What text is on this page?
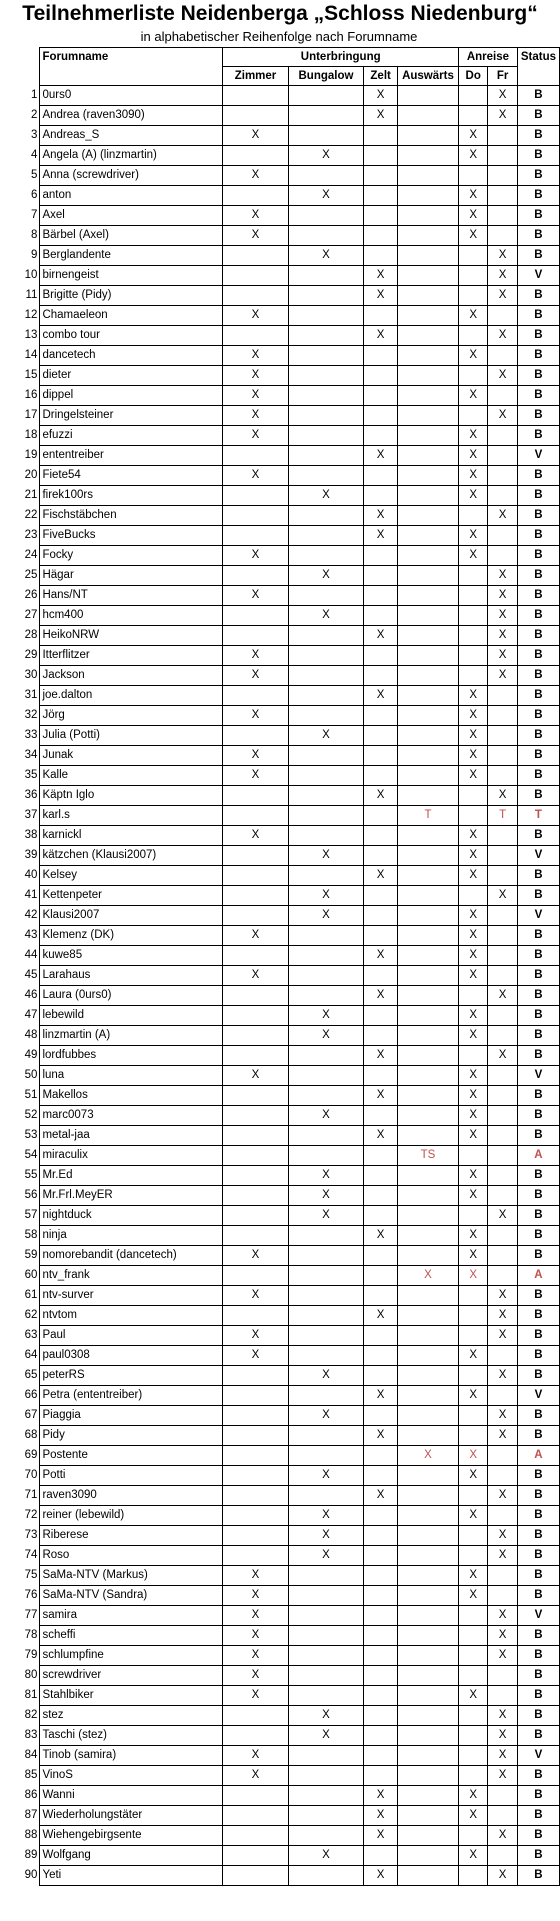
Teilnehmerliste Neidenberga „Schloss Niedenburg“
in alphabetischer Reihenfolge nach Forumname
	Forumname	Unterbringung				Anreise		Status
		Zimmer	Bungalow	Zelt	Auswärts	Do	Fr	
1	0urs0			X			X	B
2	Andrea (raven3090)			X			X	B
3	Andreas_S	X				X		B
4	Angela (A) (linzmartin)		X			X		B
5	Anna (screwdriver)	X						B
6	anton		X			X		B
7	Axel	X				X		B
8	Bärbel (Axel)	X				X		B
9	Berglandente		X				X	B
10	birnengeist			X			X	V
11	Brigitte (Pidy)			X			X	B
12	Chamaeleon	X				X		B
13	combo tour			X			X	B
14	dancetech	X				X		B
15	dieter	X					X	B
16	dippel	X				X		B
17	Dringelsteiner	X					X	B
18	efuzzi	X				X		B
19	ententreiber			X		X		V
20	Fiete54	X				X		B
21	firek100rs		X			X		B
22	Fischstäbchen			X			X	B
23	FiveBucks			X		X		B
24	Focky	X				X		B
25	Hägar		X				X	B
26	Hans/NT	X					X	B
27	hcm400		X				X	B
28	HeikoNRW			X			X	B
29	Itterflitzer	X					X	B
30	Jackson	X					X	B
31	joe.dalton			X		X		B
32	Jörg	X				X		B
33	Julia (Potti)		X			X		B
34	Junak	X				X		B
35	Kalle	X				X		B
36	Käptn Iglo			X			X	B
37	karl.s				T		T	T
38	karnickl	X				X		B
39	kätzchen (Klausi2007)		X			X		V
40	Kelsey			X		X		B
41	Kettenpeter		X				X	B
42	Klausi2007		X			X		V
43	Klemenz (DK)	X				X		B
44	kuwe85			X		X		B
45	Larahaus	X				X		B
46	Laura (0urs0)			X			X	B
47	lebewild		X			X		B
48	linzmartin (A)		X			X		B
49	lordfubbes			X			X	B
50	luna	X				X		V
51	Makellos			X		X		B
52	marc0073		X			X		B
53	metal-jaa			X		X		B
54	miraculix				TS			A
55	Mr.Ed		X			X		B
56	Mr.Frl.MeyER		X			X		B
57	nightduck		X				X	B
58	ninja			X		X		B
59	nomorebandit (dancetech)	X				X		B
60	ntv_frank				X	X		A
61	ntv-surver	X					X	B
62	ntvtom			X			X	B
63	Paul	X					X	B
64	paul0308	X				X		B
65	peterRS		X				X	B
66	Petra (ententreiber)			X		X		V
67	Piaggia		X				X	B
68	Pidy			X			X	B
69	Postente				X	X		A
70	Potti		X			X		B
71	raven3090			X			X	B
72	reiner (lebewild)		X			X		B
73	Riberese		X				X	B
74	Roso		X				X	B
75	SaMa-NTV (Markus)	X				X		B
76	SaMa-NTV (Sandra)	X				X		B
77	samira	X					X	V
78	scheffi	X					X	B
79	schlumpfine	X					X	B
80	screwdriver	X						B
81	Stahlbiker	X				X		B
82	stez		X				X	B
83	Taschi (stez)		X				X	B
84	Tinob (samira)	X					X	V
85	VinoS	X					X	B
86	Wanni			X		X		B
87	Wiederholungstäter			X		X		B
88	Wiehengebirgsente			X			X	B
89	Wolfgang		X			X		B
90	Yeti			X			X	B
